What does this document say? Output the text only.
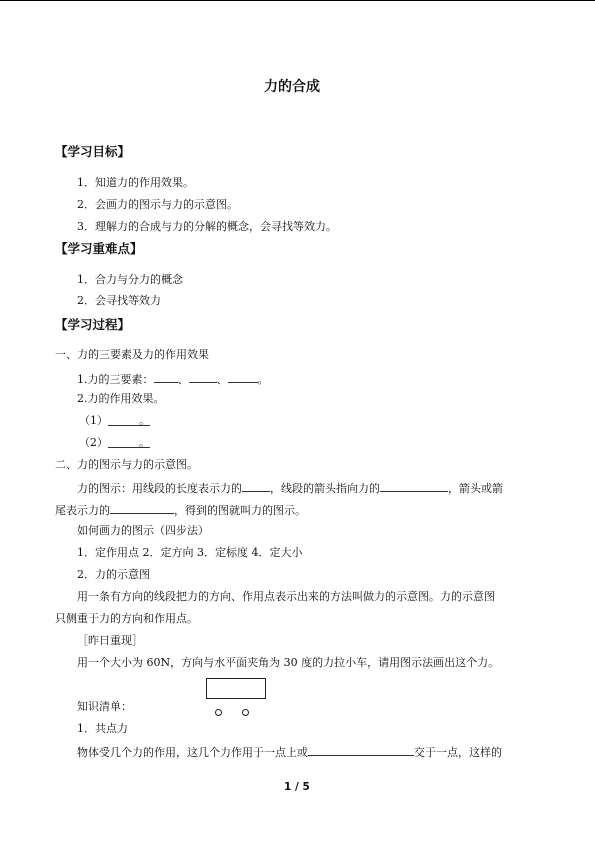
力的合成
【学习目标】
1．知道力的作用效果。
2．会画力的图示与力的示意图。
3．理解力的合成与力的分解的概念，会寻找等效力。
【学习重难点】
1．合力与分力的概念
2．会寻找等效力
【学习过程】
一、力的三要素及力的作用效果
1.力的三要素： 、	、	。
2.力的作用效果。
（1）	。
（2）	。
二、力的图示与力的示意图。
力的图示：用线段的长度表示力的	，线段的箭头指向力的	，箭头或箭
尾表示力的	，得到的图就叫力的图示。
如何画力的图示（四步法）
1．定作用点 2．定方向 3．定标度 4．定大小
2．力的示意图
用一条有方向的线段把力的方向、作用点表示出来的方法叫做力的示意图。力的示意图
只侧重于力的方向和作用点。
［昨日重现］
用一个大小为 60N，方向与水平面夹角为 30 度的力拉小车，请用图示法画出这个力。
知识清单：
1．共点力
物体受几个力的作用，这几个力作用于一点上或	交于一点，这样的
1 / 5
